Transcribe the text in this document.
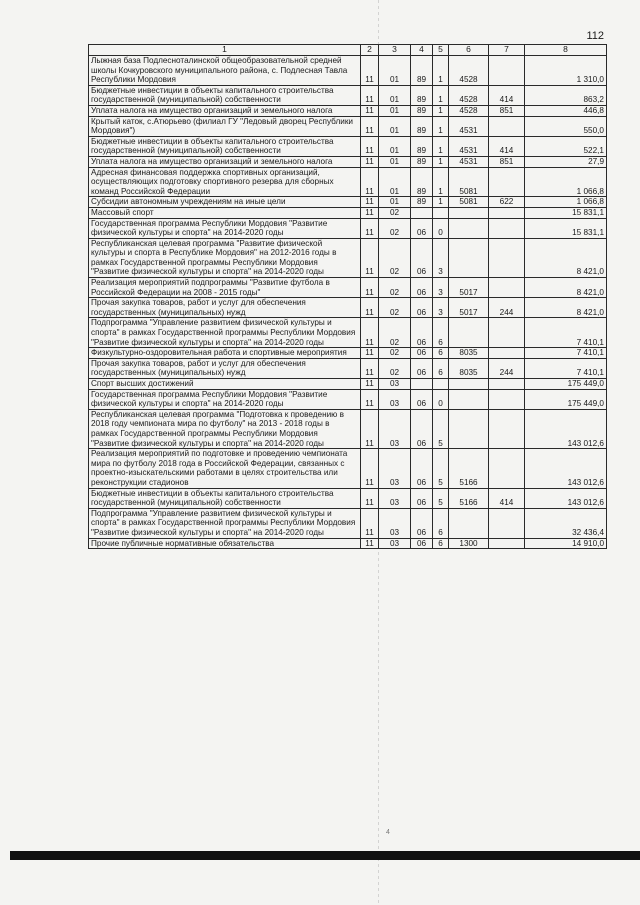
112
1	2	3	4	5	6	7	8
Лыжная база Подлесноталинской общеобразовательной средней школы Кочкуровского муниципального района, с. Подлесная Тавла Республики Мордовия	11	01	89	1	4528		1 310,0
Бюджетные инвестиции в объекты капитального строительства государственной (муниципальной) собственности	11	01	89	1	4528	414	863,2
Уплата налога на имущество организаций и земельного налога	11	01	89	1	4528	851	446,8
Крытый каток, с.Атюрьево (филиал ГУ "Ледовый дворец Республики Мордовия")	11	01	89	1	4531		550,0
Бюджетные инвестиции в объекты капитального строительства государственной (муниципальной) собственности	11	01	89	1	4531	414	522,1
Уплата налога на имущество организаций и земельного налога	11	01	89	1	4531	851	27,9
Адресная финансовая поддержка спортивных организаций, осуществляющих подготовку спортивного резерва для сборных команд Российской Федерации	11	01	89	1	5081		1 066,8
Субсидии автономным учреждениям на иные цели	11	01	89	1	5081	622	1 066,8
Массовый спорт	11	02					15 831,1
Государственная программа Республики Мордовия "Развитие физической культуры и спорта" на 2014-2020 годы	11	02	06	0			15 831,1
Республиканская целевая программа "Развитие физической культуры и спорта в Республике Мордовия" на 2012-2016 годы в рамках Государственной программы Республики Мордовия "Развитие физической культуры и спорта" на 2014-2020 годы	11	02	06	3			8 421,0
Реализация мероприятий подпрограммы "Развитие футбола в Российской Федерации на 2008 - 2015 годы"	11	02	06	3	5017		8 421,0
Прочая закупка товаров, работ и услуг для обеспечения государственных (муниципальных) нужд	11	02	06	3	5017	244	8 421,0
Подпрограмма "Управление развитием физической культуры и спорта" в рамках Государственной программы Республики Мордовия "Развитие физической культуры и спорта" на 2014-2020 годы	11	02	06	6			7 410,1
Физкультурно-оздоровительная работа и спортивные мероприятия	11	02	06	6	8035		7 410,1
Прочая закупка товаров, работ и услуг для обеспечения государственных (муниципальных) нужд	11	02	06	6	8035	244	7 410,1
Спорт высших достижений	11	03					175 449,0
Государственная программа Республики Мордовия "Развитие физической культуры и спорта" на 2014-2020 годы	11	03	06	0			175 449,0
Республиканская целевая программа "Подготовка к проведению в 2018 году чемпионата мира по футболу" на 2013 - 2018 годы в рамках Государственной программы Республики Мордовия "Развитие физической культуры и спорта" на 2014-2020 годы	11	03	06	5			143 012,6
Реализация мероприятий по подготовке и проведению чемпионата мира по футболу 2018 года в Российской Федерации, связанных с проектно-изыскательскими работами в целях строительства или реконструкции стадионов	11	03	06	5	5166		143 012,6
Бюджетные инвестиции в объекты капитального строительства государственной (муниципальной) собственности	11	03	06	5	5166	414	143 012,6
Подпрограмма "Управление развитием физической культуры и спорта" в рамках Государственной программы Республики Мордовия "Развитие физической культуры и спорта" на 2014-2020 годы	11	03	06	6			32 436,4
Прочие публичные нормативные обязательства	11	03	06	6	1300		14 910,0
4
